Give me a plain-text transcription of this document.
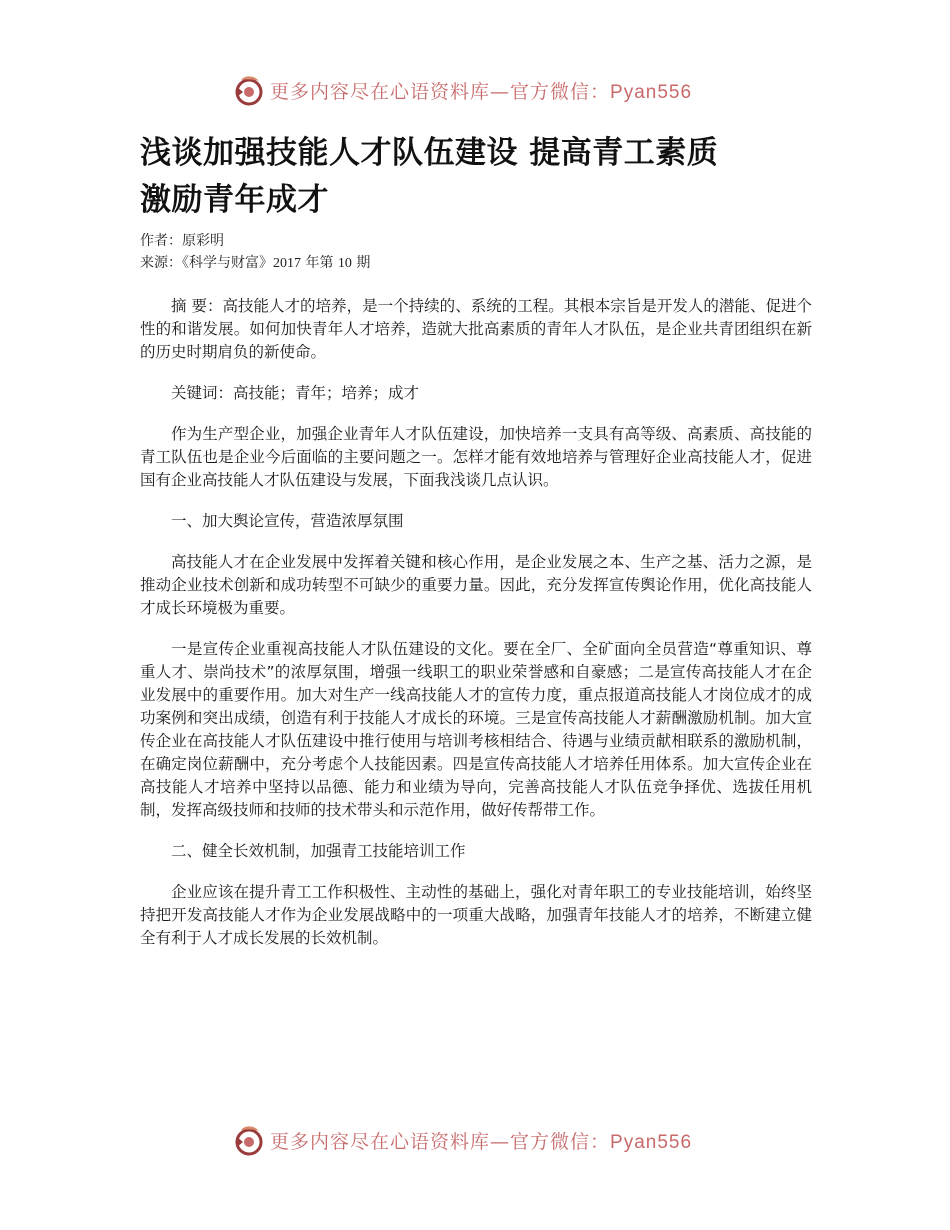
更多内容尽在心语资料库—官方微信：Pyan556
浅谈加强技能人才队伍建设 提高青工素质
激励青年成才
作者：原彩明
来源：《科学与财富》2017 年第 10 期

摘 要：高技能人才的培养，是一个持续的、系统的工程。其根本宗旨是开发人的潜能、促进个性的和谐发展。如何加快青年人才培养，造就大批高素质的青年人才队伍，是企业共青团组织在新的历史时期肩负的新使命。

关键词：高技能；青年；培养；成才

作为生产型企业，加强企业青年人才队伍建设，加快培养一支具有高等级、高素质、高技能的青工队伍也是企业今后面临的主要问题之一。怎样才能有效地培养与管理好企业高技能人才，促进国有企业高技能人才队伍建设与发展，下面我浅谈几点认识。

一、加大舆论宣传，营造浓厚氛围

高技能人才在企业发展中发挥着关键和核心作用，是企业发展之本、生产之基、活力之源，是推动企业技术创新和成功转型不可缺少的重要力量。因此，充分发挥宣传舆论作用，优化高技能人才成长环境极为重要。

一是宣传企业重视高技能人才队伍建设的文化。要在全厂、全矿面向全员营造“尊重知识、尊重人才、崇尚技术”的浓厚氛围，增强一线职工的职业荣誉感和自豪感；二是宣传高技能人才在企业发展中的重要作用。加大对生产一线高技能人才的宣传力度，重点报道高技能人才岗位成才的成功案例和突出成绩，创造有利于技能人才成长的环境。三是宣传高技能人才薪酬激励机制。加大宣传企业在高技能人才队伍建设中推行使用与培训考核相结合、待遇与业绩贡献相联系的激励机制，在确定岗位薪酬中，充分考虑个人技能因素。四是宣传高技能人才培养任用体系。加大宣传企业在高技能人才培养中坚持以品德、能力和业绩为导向，完善高技能人才队伍竞争择优、选拔任用机制，发挥高级技师和技师的技术带头和示范作用，做好传帮带工作。

二、健全长效机制，加强青工技能培训工作

企业应该在提升青工工作积极性、主动性的基础上，强化对青年职工的专业技能培训，始终坚持把开发高技能人才作为企业发展战略中的一项重大战略，加强青年技能人才的培养，不断建立健全有利于人才成长发展的长效机制。

更多内容尽在心语资料库—官方微信：Pyan556
